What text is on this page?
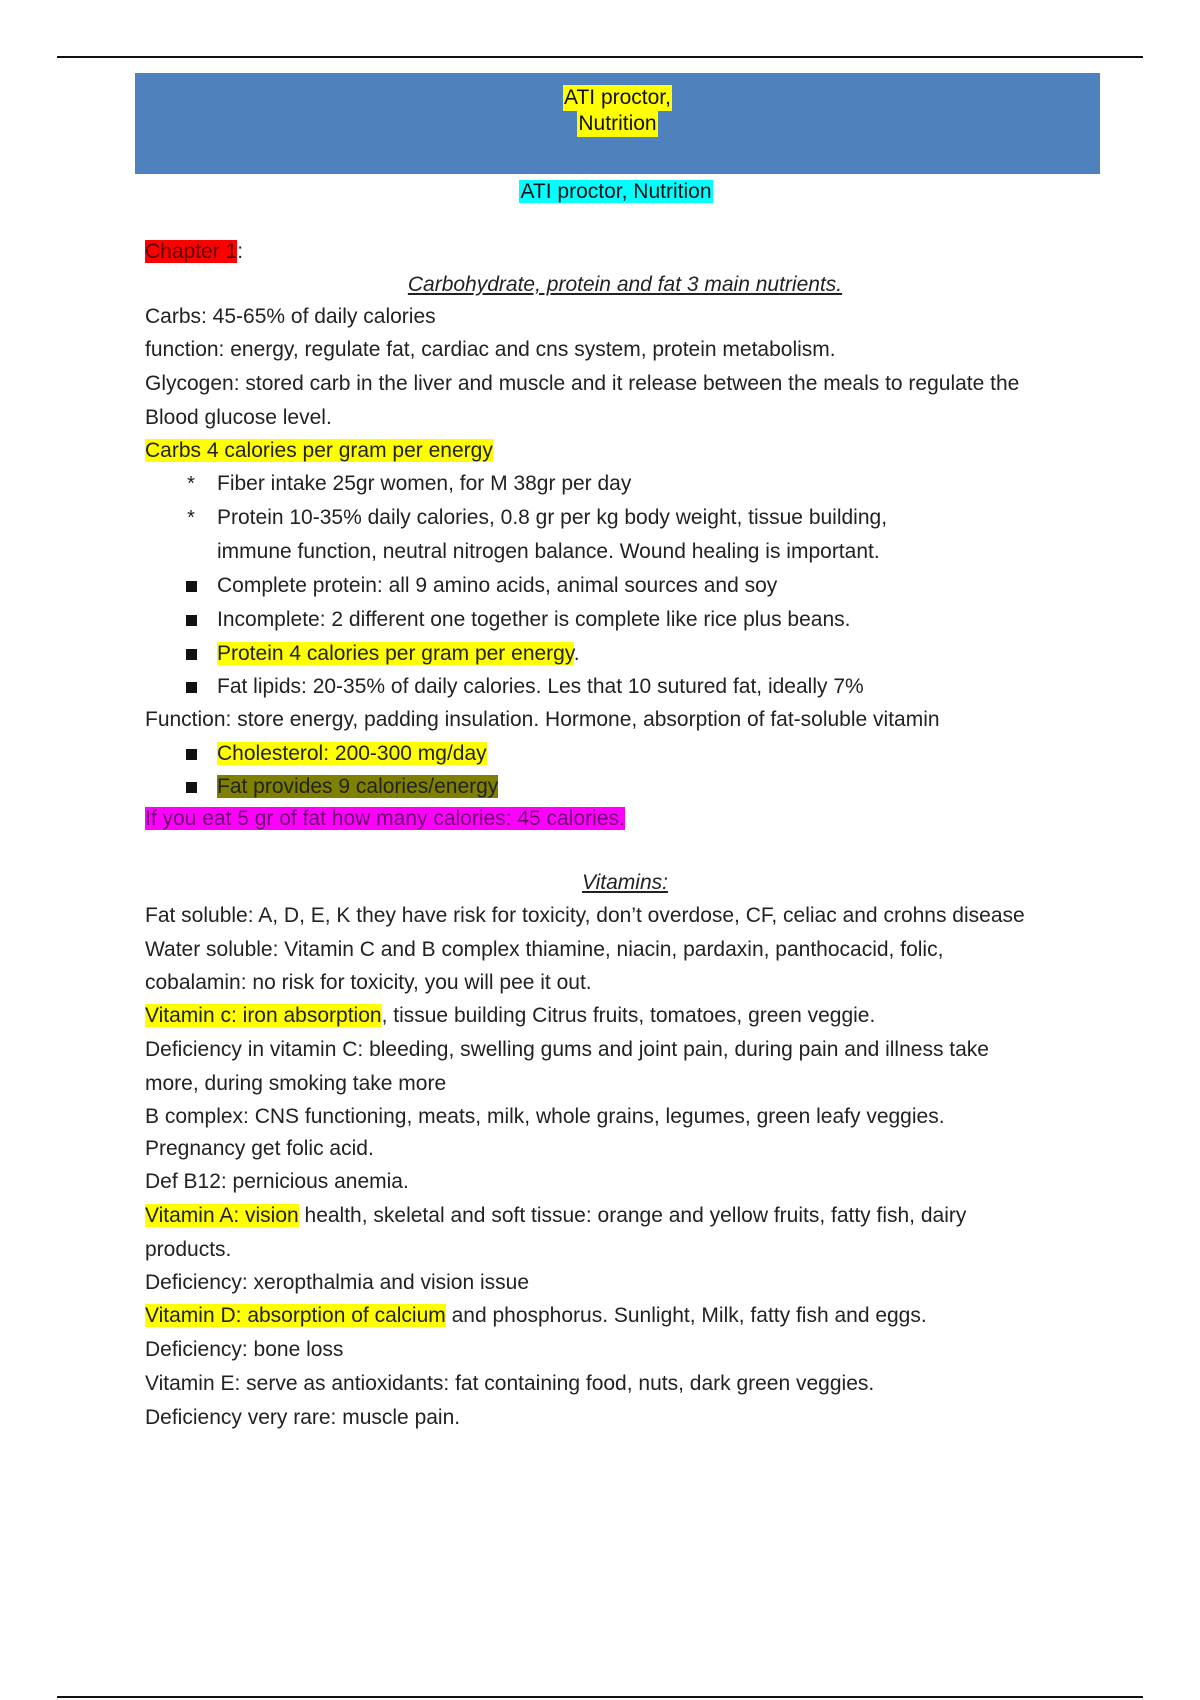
ATI proctor,
Nutrition
ATI proctor, Nutrition
Chapter 1:
Carbohydrate, protein and fat 3 main nutrients.
Carbs: 45-65% of daily calories
function: energy, regulate fat, cardiac and cns system, protein metabolism.
Glycogen: stored carb in the liver and muscle and it release between the meals to regulate the
Blood glucose level.
Carbs 4 calories per gram per energy
* Fiber intake 25gr women, for M 38gr per day
* Protein 10-35% daily calories, 0.8 gr per kg body weight, tissue building,
immune function, neutral nitrogen balance. Wound healing is important.
Complete protein: all 9 amino acids, animal sources and soy
Incomplete: 2 different one together is complete like rice plus beans.
Protein 4 calories per gram per energy.
Fat lipids: 20-35% of daily calories. Les that 10 sutured fat, ideally 7%
Function: store energy, padding insulation. Hormone, absorption of fat-soluble vitamin
Cholesterol: 200-300 mg/day
Fat provides 9 calories/energy
If you eat 5 gr of fat how many calories: 45 calories.
Vitamins:
Fat soluble: A, D, E, K they have risk for toxicity, don’t overdose, CF, celiac and crohns disease
Water soluble: Vitamin C and B complex thiamine, niacin, pardaxin, panthocacid, folic,
cobalamin: no risk for toxicity, you will pee it out.
Vitamin c: iron absorption, tissue building Citrus fruits, tomatoes, green veggie.
Deficiency in vitamin C: bleeding, swelling gums and joint pain, during pain and illness take
more, during smoking take more
B complex: CNS functioning, meats, milk, whole grains, legumes, green leafy veggies.
Pregnancy get folic acid.
Def B12: pernicious anemia.
Vitamin A: vision health, skeletal and soft tissue: orange and yellow fruits, fatty fish, dairy
products.
Deficiency: xeropthalmia and vision issue
Vitamin D: absorption of calcium and phosphorus. Sunlight, Milk, fatty fish and eggs.
Deficiency: bone loss
Vitamin E: serve as antioxidants: fat containing food, nuts, dark green veggies.
Deficiency very rare: muscle pain.
